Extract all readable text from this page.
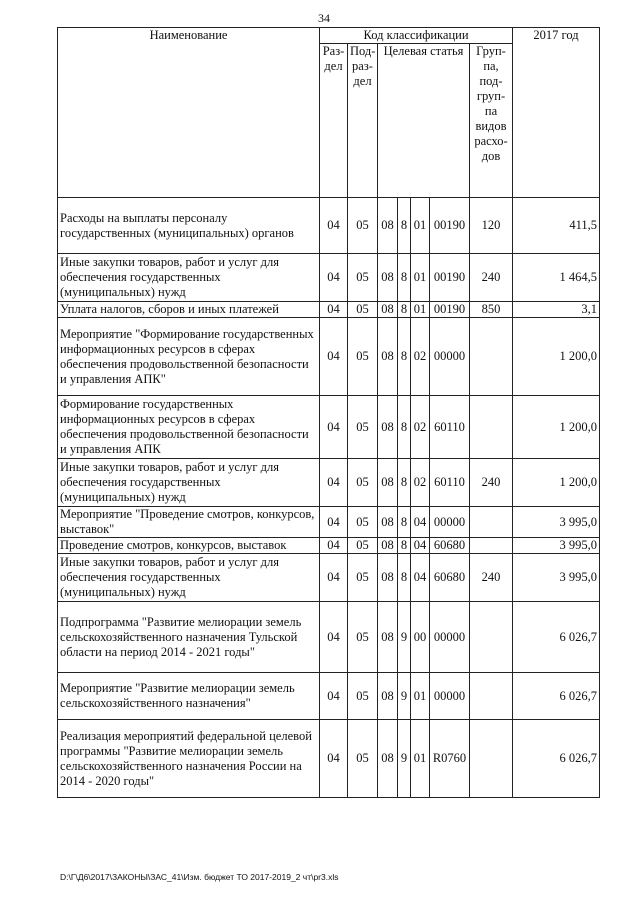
34
Наименование	Код классификации							2017 год
	Раз-дел	Под-раз-дел	Целевая статья				Груп-па, под-груп-па видов расхо-дов	
Расходы на выплаты персоналу государственных (муниципальных) органов	04	05	08	8	01	00190	120	411,5
Иные закупки товаров, работ и услуг для обеспечения государственных (муниципальных) нужд	04	05	08	8	01	00190	240	1 464,5
Уплата налогов, сборов и иных платежей	04	05	08	8	01	00190	850	3,1
Мероприятие "Формирование государственных информационных ресурсов в сферах обеспечения продовольственной безопасности и управления АПК"	04	05	08	8	02	00000		1 200,0
Формирование государственных информационных ресурсов в сферах обеспечения продовольственной безопасности и управления АПК	04	05	08	8	02	60110		1 200,0
Иные закупки товаров, работ и услуг для обеспечения государственных (муниципальных) нужд	04	05	08	8	02	60110	240	1 200,0
Мероприятие "Проведение смотров, конкурсов, выставок"	04	05	08	8	04	00000		3 995,0
Проведение смотров, конкурсов, выставок	04	05	08	8	04	60680		3 995,0
Иные закупки товаров, работ и услуг для обеспечения государственных (муниципальных) нужд	04	05	08	8	04	60680	240	3 995,0
Подпрограмма "Развитие мелиорации земель сельскохозяйственного назначения Тульской области на период 2014 - 2021 годы"	04	05	08	9	00	00000		6 026,7
Мероприятие "Развитие мелиорации земель сельскохозяйственного назначения"	04	05	08	9	01	00000		6 026,7
Реализация мероприятий федеральной целевой программы "Развитие мелиорации земель сельскохозяйственного назначения России на 2014 - 2020 годы"	04	05	08	9	01	R0760		6 026,7
D:\Г\Д6\2017\ЗАКОНЫ\ЗАС_41\Изм. бюджет ТО 2017-2019_2 чт\pr3.xls
